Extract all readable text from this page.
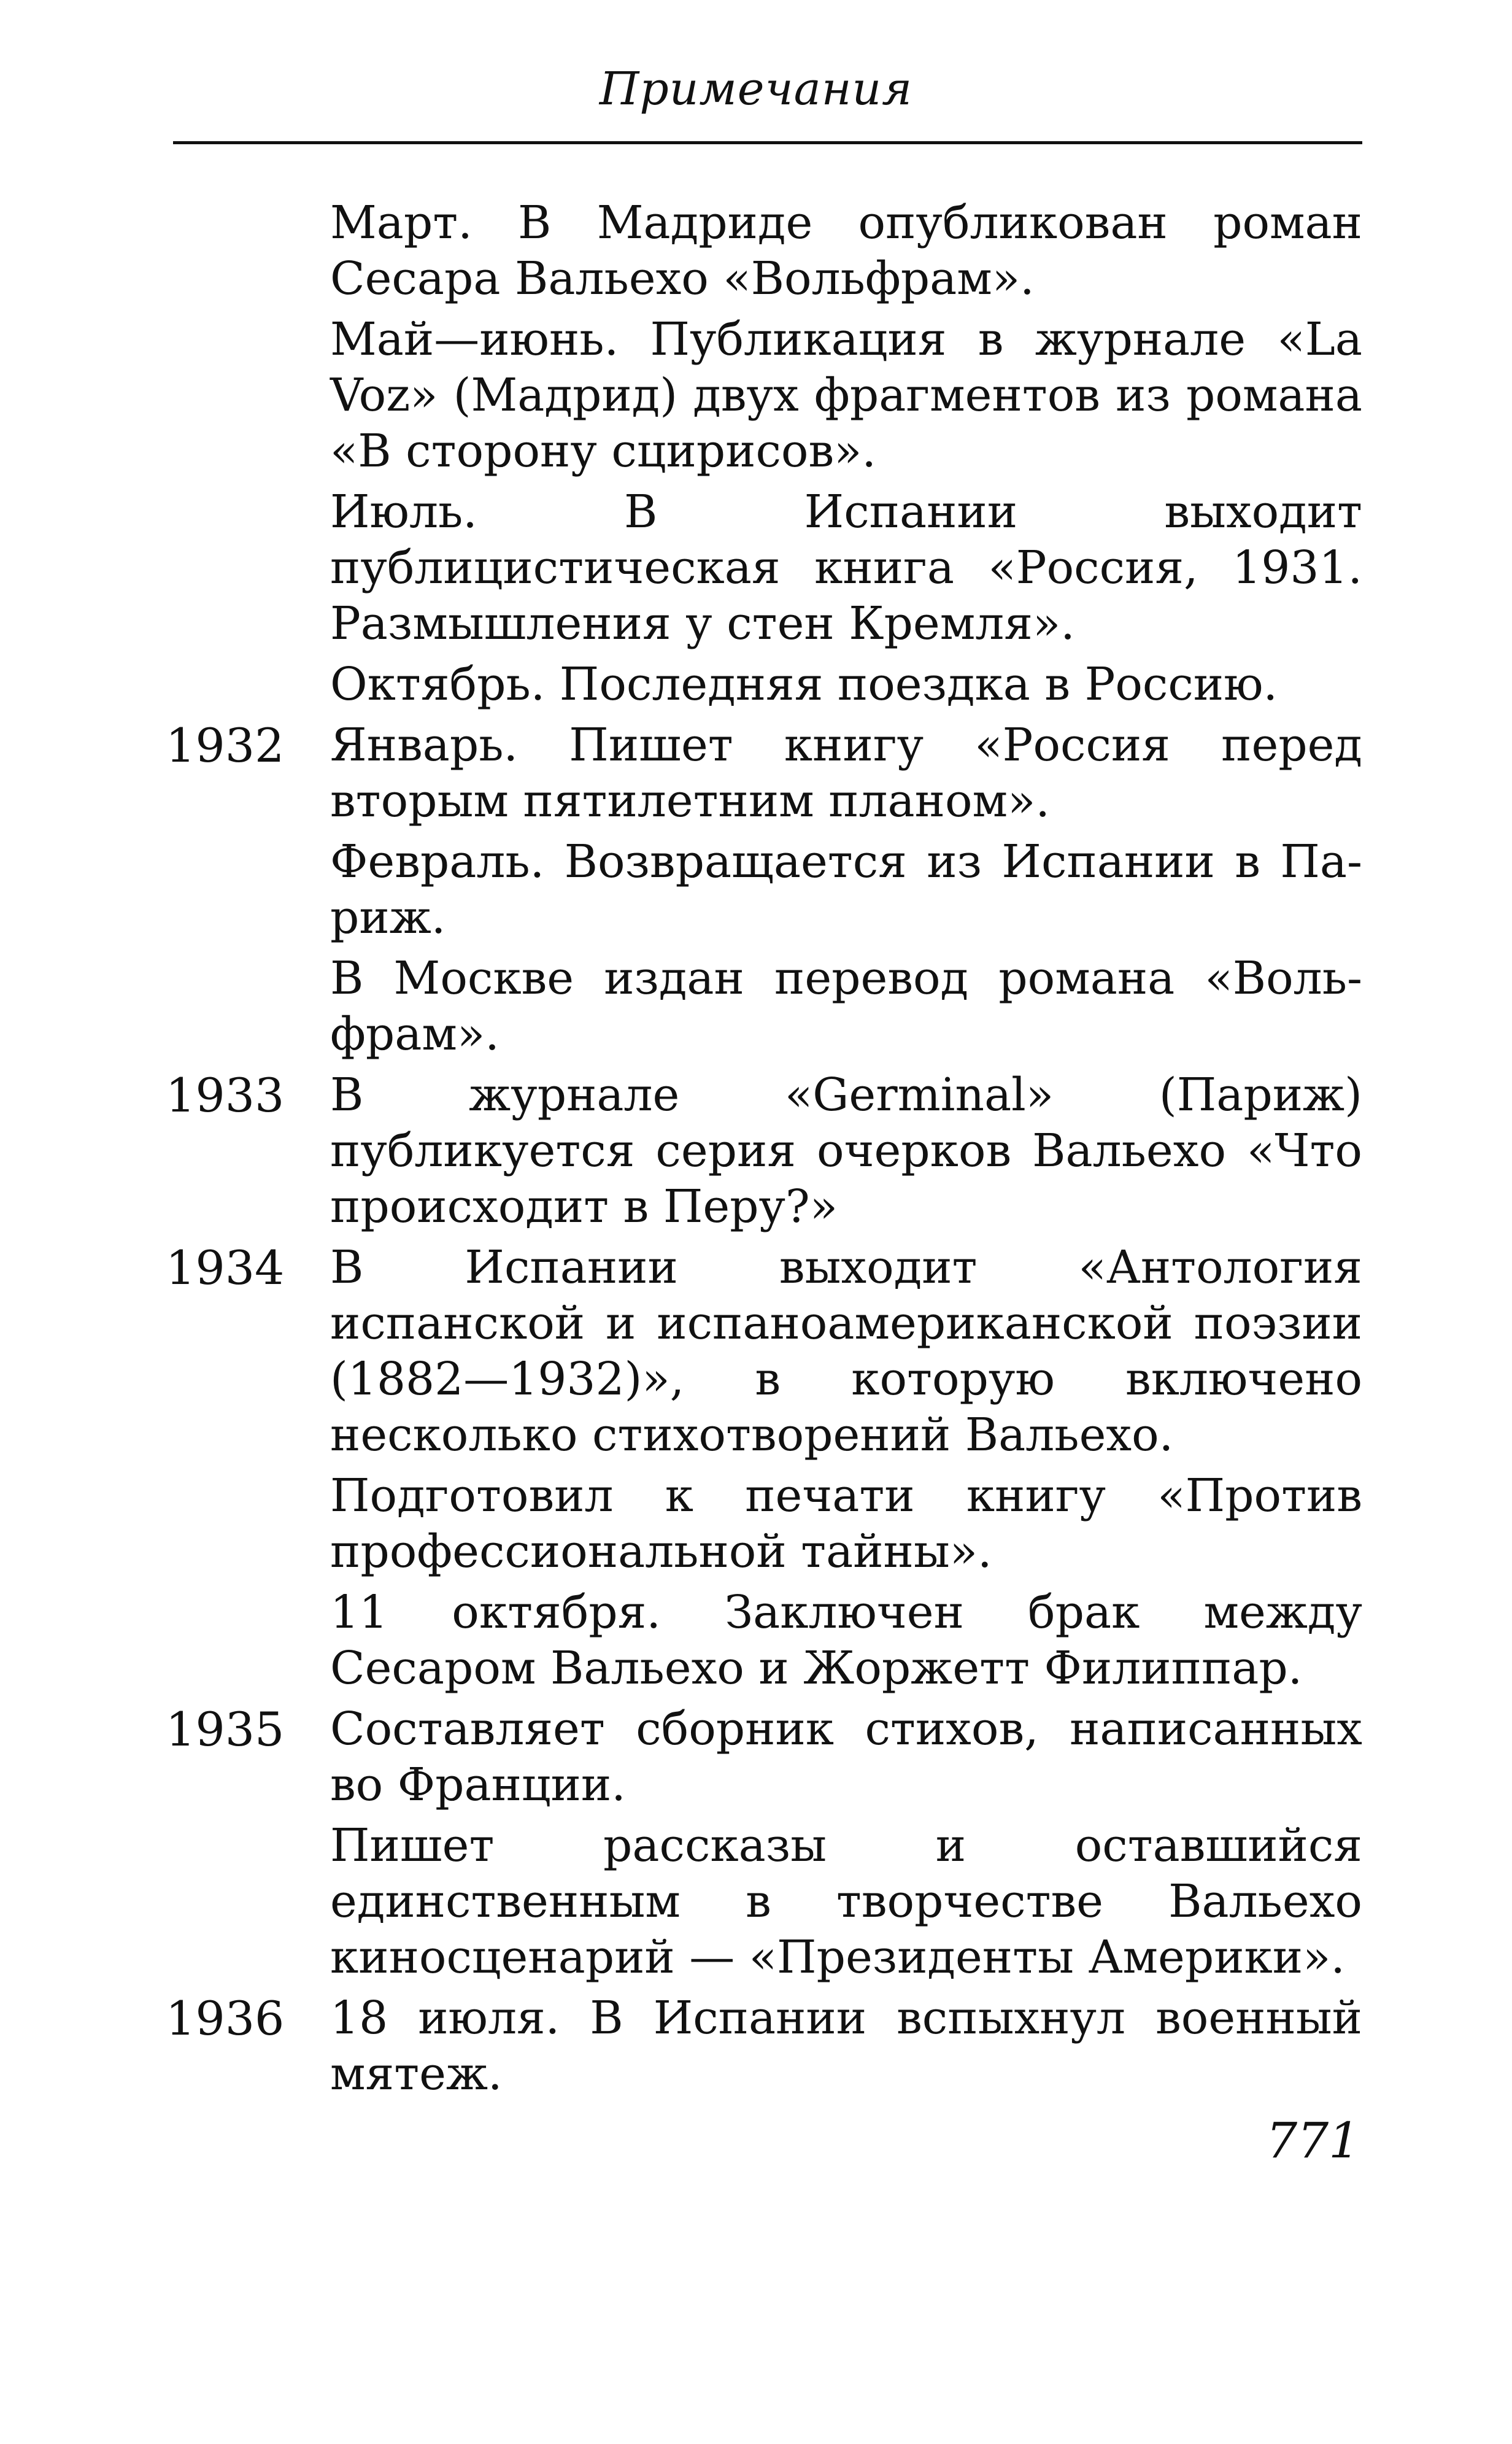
Примечания

Март. В Мадриде опубликован роман Сесара Вальехо «Вольфрам».

Май—июнь. Публикация в журнале «La Voz» (Мадрид) двух фрагментов из романа «В сторону сцирисов».

Июль. В Испании выходит публицистическая книга «Россия, 1931. Размышления у стен Кремля».

Октябрь. Последняя поездка в Россию.

1932	Январь. Пишет книгу «Россия перед вторым пятилетним планом».

Февраль. Возвращается из Испании в Париж.

В Москве издан перевод романа «Вольфрам».

1933	В журнале «Germinal» (Париж) публикуется серия очерков Вальехо «Что происходит в Перу?»

1934	В Испании выходит «Антология испанской и испаноамериканской поэзии (1882—1932)», в которую включено несколько стихотворений Вальехо.

Подготовил к печати книгу «Против профессиональной тайны».

11 октября. Заключен брак между Сесаром Вальехо и Жоржетт Филиппар.

1935	Составляет сборник стихов, написанных во Франции.

Пишет рассказы и оставшийся единственным в творчестве Вальехо киносценарий — «Президенты Америки».

1936	18 июля. В Испании вспыхнул военный мятеж.

771
